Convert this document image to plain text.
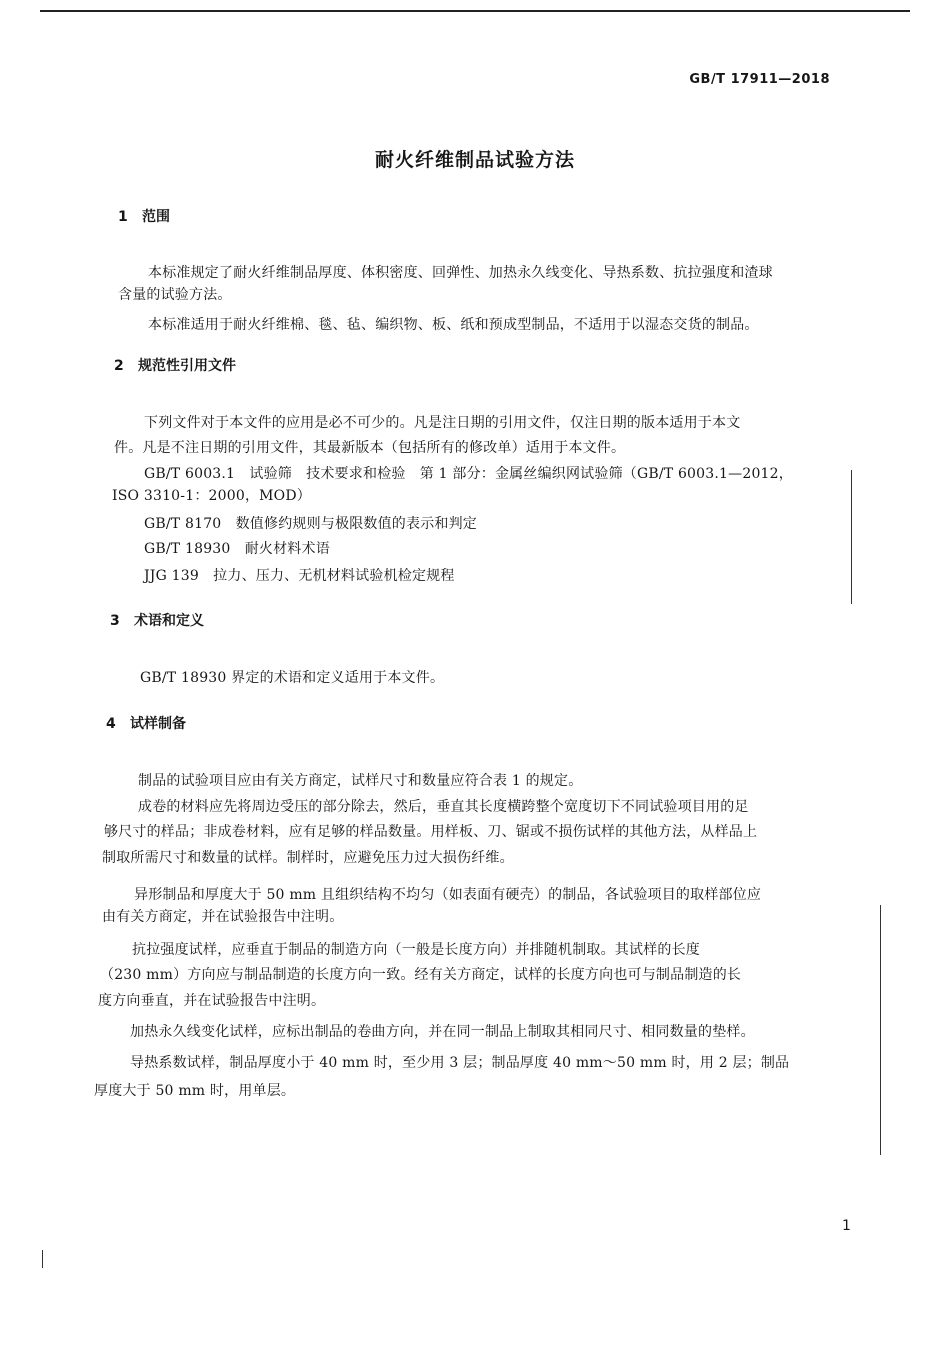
GB/T 17911—2018
耐火纤维制品试验方法
1 范围
本标准规定了耐火纤维制品厚度、体积密度、回弹性、加热永久线变化、导热系数、抗拉强度和渣球
含量的试验方法。
本标准适用于耐火纤维棉、毯、毡、编织物、板、纸和预成型制品，不适用于以湿态交货的制品。
2 规范性引用文件
下列文件对于本文件的应用是必不可少的。凡是注日期的引用文件，仅注日期的版本适用于本文
件。凡是不注日期的引用文件，其最新版本（包括所有的修改单）适用于本文件。
GB/T 6003.1　试验筛　技术要求和检验　第 1 部分：金属丝编织网试验筛（GB/T 6003.1—2012，
ISO 3310-1：2000，MOD）
GB/T 8170　数值修约规则与极限数值的表示和判定
GB/T 18930　耐火材料术语
JJG 139　拉力、压力、无机材料试验机检定规程
3 术语和定义
GB/T 18930 界定的术语和定义适用于本文件。
4 试样制备
制品的试验项目应由有关方商定，试样尺寸和数量应符合表 1 的规定。
成卷的材料应先将周边受压的部分除去，然后，垂直其长度横跨整个宽度切下不同试验项目用的足
够尺寸的样品；非成卷材料，应有足够的样品数量。用样板、刀、锯或不损伤试样的其他方法，从样品上
制取所需尺寸和数量的试样。制样时，应避免压力过大损伤纤维。
异形制品和厚度大于 50 mm 且组织结构不均匀（如表面有硬壳）的制品，各试验项目的取样部位应
由有关方商定，并在试验报告中注明。
抗拉强度试样，应垂直于制品的制造方向（一般是长度方向）并排随机制取。其试样的长度
（230 mm）方向应与制品制造的长度方向一致。经有关方商定，试样的长度方向也可与制品制造的长
度方向垂直，并在试验报告中注明。
加热永久线变化试样，应标出制品的卷曲方向，并在同一制品上制取其相同尺寸、相同数量的垫样。
导热系数试样，制品厚度小于 40 mm 时，至少用 3 层；制品厚度 40 mm～50 mm 时，用 2 层；制品
厚度大于 50 mm 时，用单层。
1
